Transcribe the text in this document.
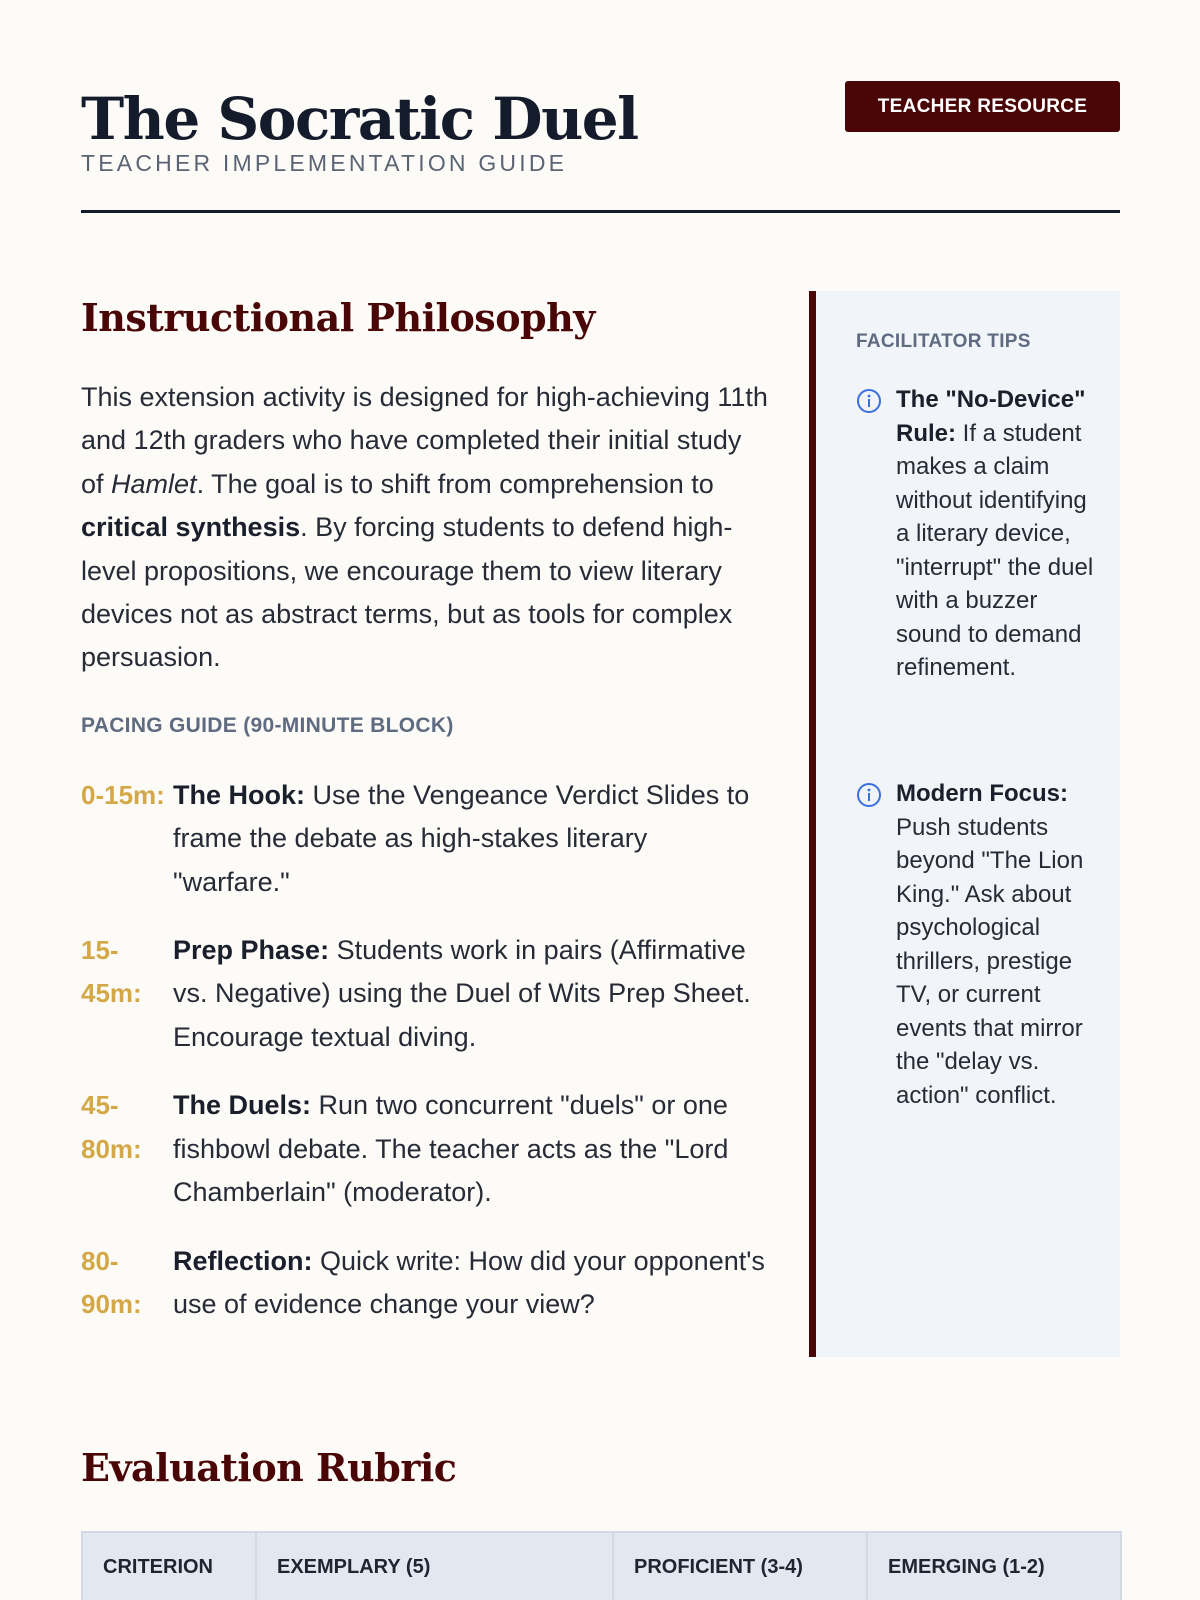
The Socratic Duel
TEACHER IMPLEMENTATION GUIDE
TEACHER RESOURCE
Instructional Philosophy

This extension activity is designed for high-achieving 11th and 12th graders who have completed their initial study of Hamlet. The goal is to shift from comprehension to critical synthesis. By forcing students to defend high-level propositions, we encourage them to view literary devices not as abstract terms, but as tools for complex persuasion.

PACING GUIDE (90-MINUTE BLOCK)
0-15m: The Hook: Use the Vengeance Verdict Slides to frame the debate as high-stakes literary "warfare."
15-45m:
Prep Phase: Students work in pairs (Affirmative vs. Negative) using the Duel of Wits Prep Sheet. Encourage textual diving.
45-80m:
The Duels: Run two concurrent "duels" or one fishbowl debate. The teacher acts as the "Lord Chamberlain" (moderator).
80-90m:
Reflection: Quick write: How did your opponent's use of evidence change your view?
FACILITATOR TIPS
The "No-Device" Rule: If a student makes a claim without identifying a literary device, "interrupt" the duel with a buzzer sound to demand refinement.
Modern Focus: Push students beyond "The Lion King." Ask about psychological thrillers, prestige TV, or current events that mirror the "delay vs. action" conflict.
Evaluation Rubric
CRITERION	EXEMPLARY (5)	PROFICIENT (3-4)	EMERGING (1-2)
